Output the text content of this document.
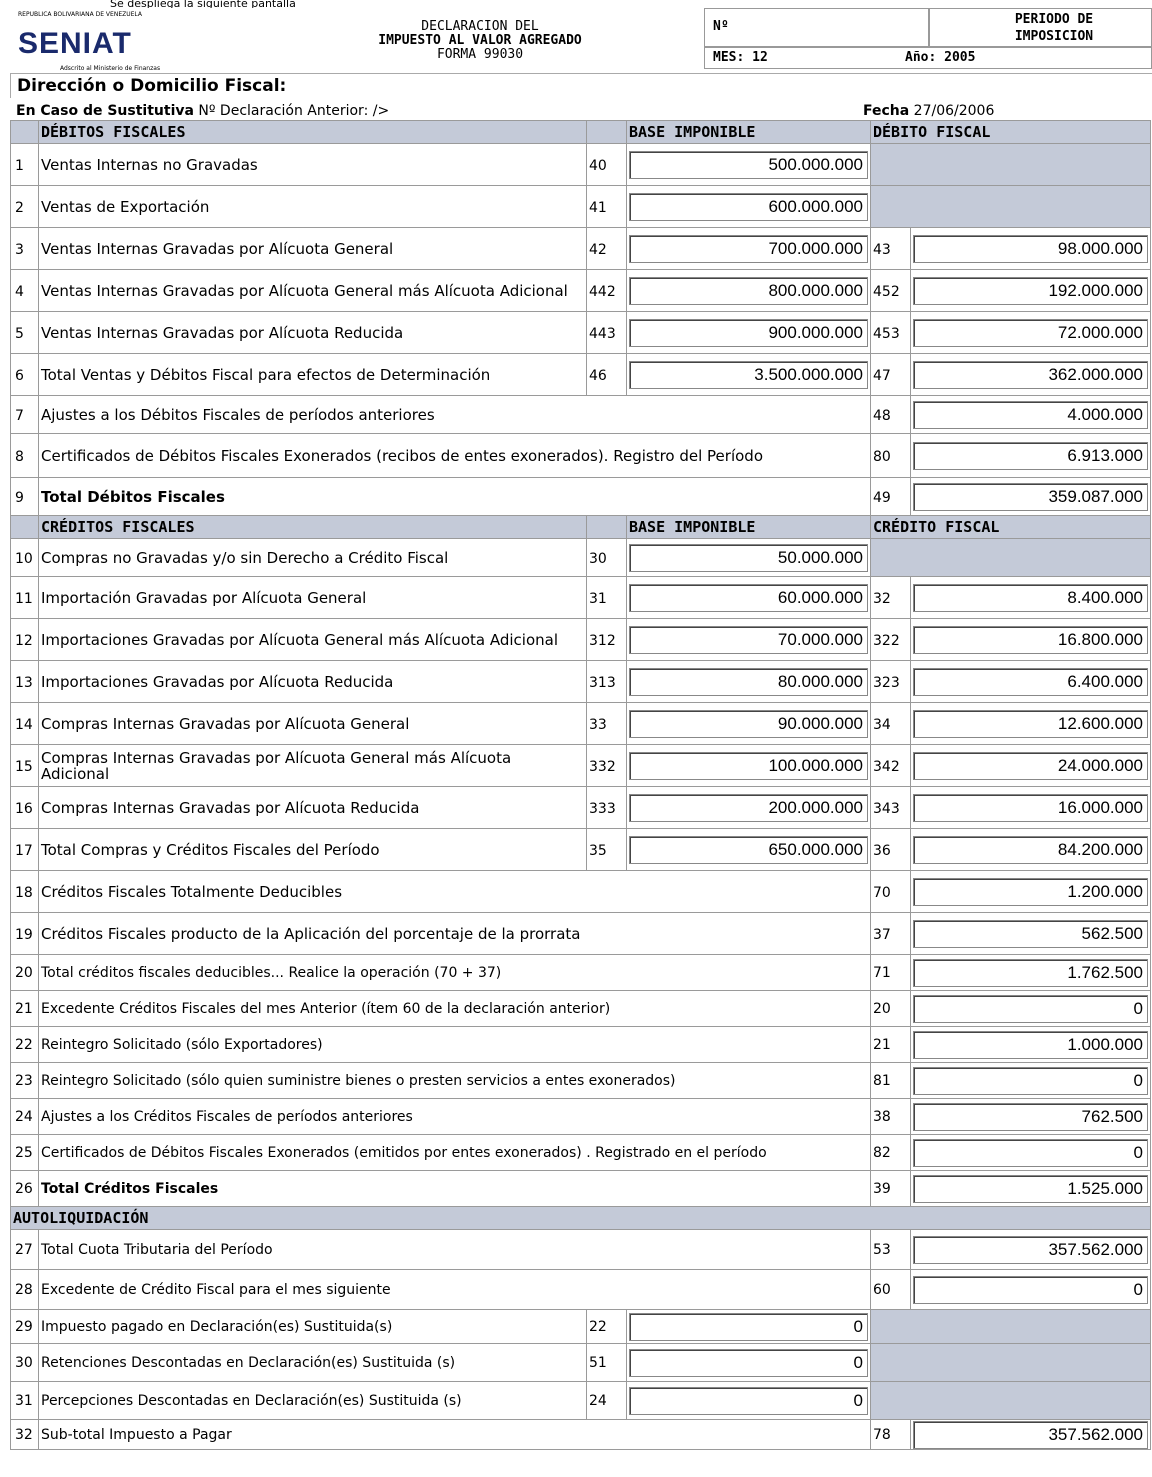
Se despliega la siguiente pantalla
REPUBLICA BOLIVARIANA DE VENEZUELA
SENIAT
Adscrito al Ministerio de Finanzas
DECLARACION DEL
IMPUESTO AL VALOR AGREGADO
FORMA 99030
Nº	PERIODO DE IMPOSICION
MES: 12	Año: 2005
Dirección o Domicilio Fiscal:
En Caso de Sustitutiva Nº Declaración Anterior: />	Fecha 27/06/2006
	DÉBITOS FISCALES		BASE IMPONIBLE	DÉBITO FISCAL	
1	Ventas Internas no Gravadas	40	500.000.000		

2	Ventas de Exportación	41	600.000.000		

3	Ventas Internas Gravadas por Alícuota General	42	700.000.000	43	98.000.000

4	Ventas Internas Gravadas por Alícuota General más Alícuota Adicional	442	800.000.000	452	192.000.000

5	Ventas Internas Gravadas por Alícuota Reducida	443	900.000.000	453	72.000.000

6	Total Ventas y Débitos Fiscal para efectos de Determinación	46	3.500.000.000	47	362.000.000

7	Ajustes a los Débitos Fiscales de períodos anteriores			48	4.000.000

8	Certificados de Débitos Fiscales Exonerados (recibos de entes exonerados). Registro del Período			80	6.913.000

9	Total Débitos Fiscales			49	359.087.000

	CRÉDITOS FISCALES		BASE IMPONIBLE	CRÉDITO FISCAL	
10	Compras no Gravadas y/o sin Derecho a Crédito Fiscal	30	50.000.000		

11	Importación Gravadas por Alícuota General	31	60.000.000	32	8.400.000

12	Importaciones Gravadas por Alícuota General más Alícuota Adicional	312	70.000.000	322	16.800.000

13	Importaciones Gravadas por Alícuota Reducida	313	80.000.000	323	6.400.000

14	Compras Internas Gravadas por Alícuota General	33	90.000.000	34	12.600.000

15	Compras Internas Gravadas por Alícuota General más Alícuota Adicional	332	100.000.000	342	24.000.000

16	Compras Internas Gravadas por Alícuota Reducida	333	200.000.000	343	16.000.000

17	Total Compras y Créditos Fiscales del Período	35	650.000.000	36	84.200.000

18	Créditos Fiscales Totalmente Deducibles			70	1.200.000

19	Créditos Fiscales producto de la Aplicación del porcentaje de la prorrata			37	562.500

20	Total créditos fiscales deducibles... Realice la operación (70 + 37)			71	1.762.500

21	Excedente Créditos Fiscales del mes Anterior (ítem 60 de la declaración anterior)			20	0

22	Reintegro Solicitado (sólo Exportadores)			21	1.000.000

23	Reintegro Solicitado (sólo quien suministre bienes o presten servicios a entes exonerados)			81	0

24	Ajustes a los Créditos Fiscales de períodos anteriores			38	762.500

25	Certificados de Débitos Fiscales Exonerados (emitidos por entes exonerados) . Registrado en el período			82	0

26	Total Créditos Fiscales			39	1.525.000

AUTOLIQUIDACIÓN					
27	Total Cuota Tributaria del Período			53	357.562.000

28	Excedente de Crédito Fiscal para el mes siguiente			60	0

29	Impuesto pagado en Declaración(es) Sustituida(s)	22	0		

30	Retenciones Descontadas en Declaración(es) Sustituida (s)	51	0		

31	Percepciones Descontadas en Declaración(es) Sustituida (s)	24	0		

32	Sub-total Impuesto a Pagar			78	357.562.000
